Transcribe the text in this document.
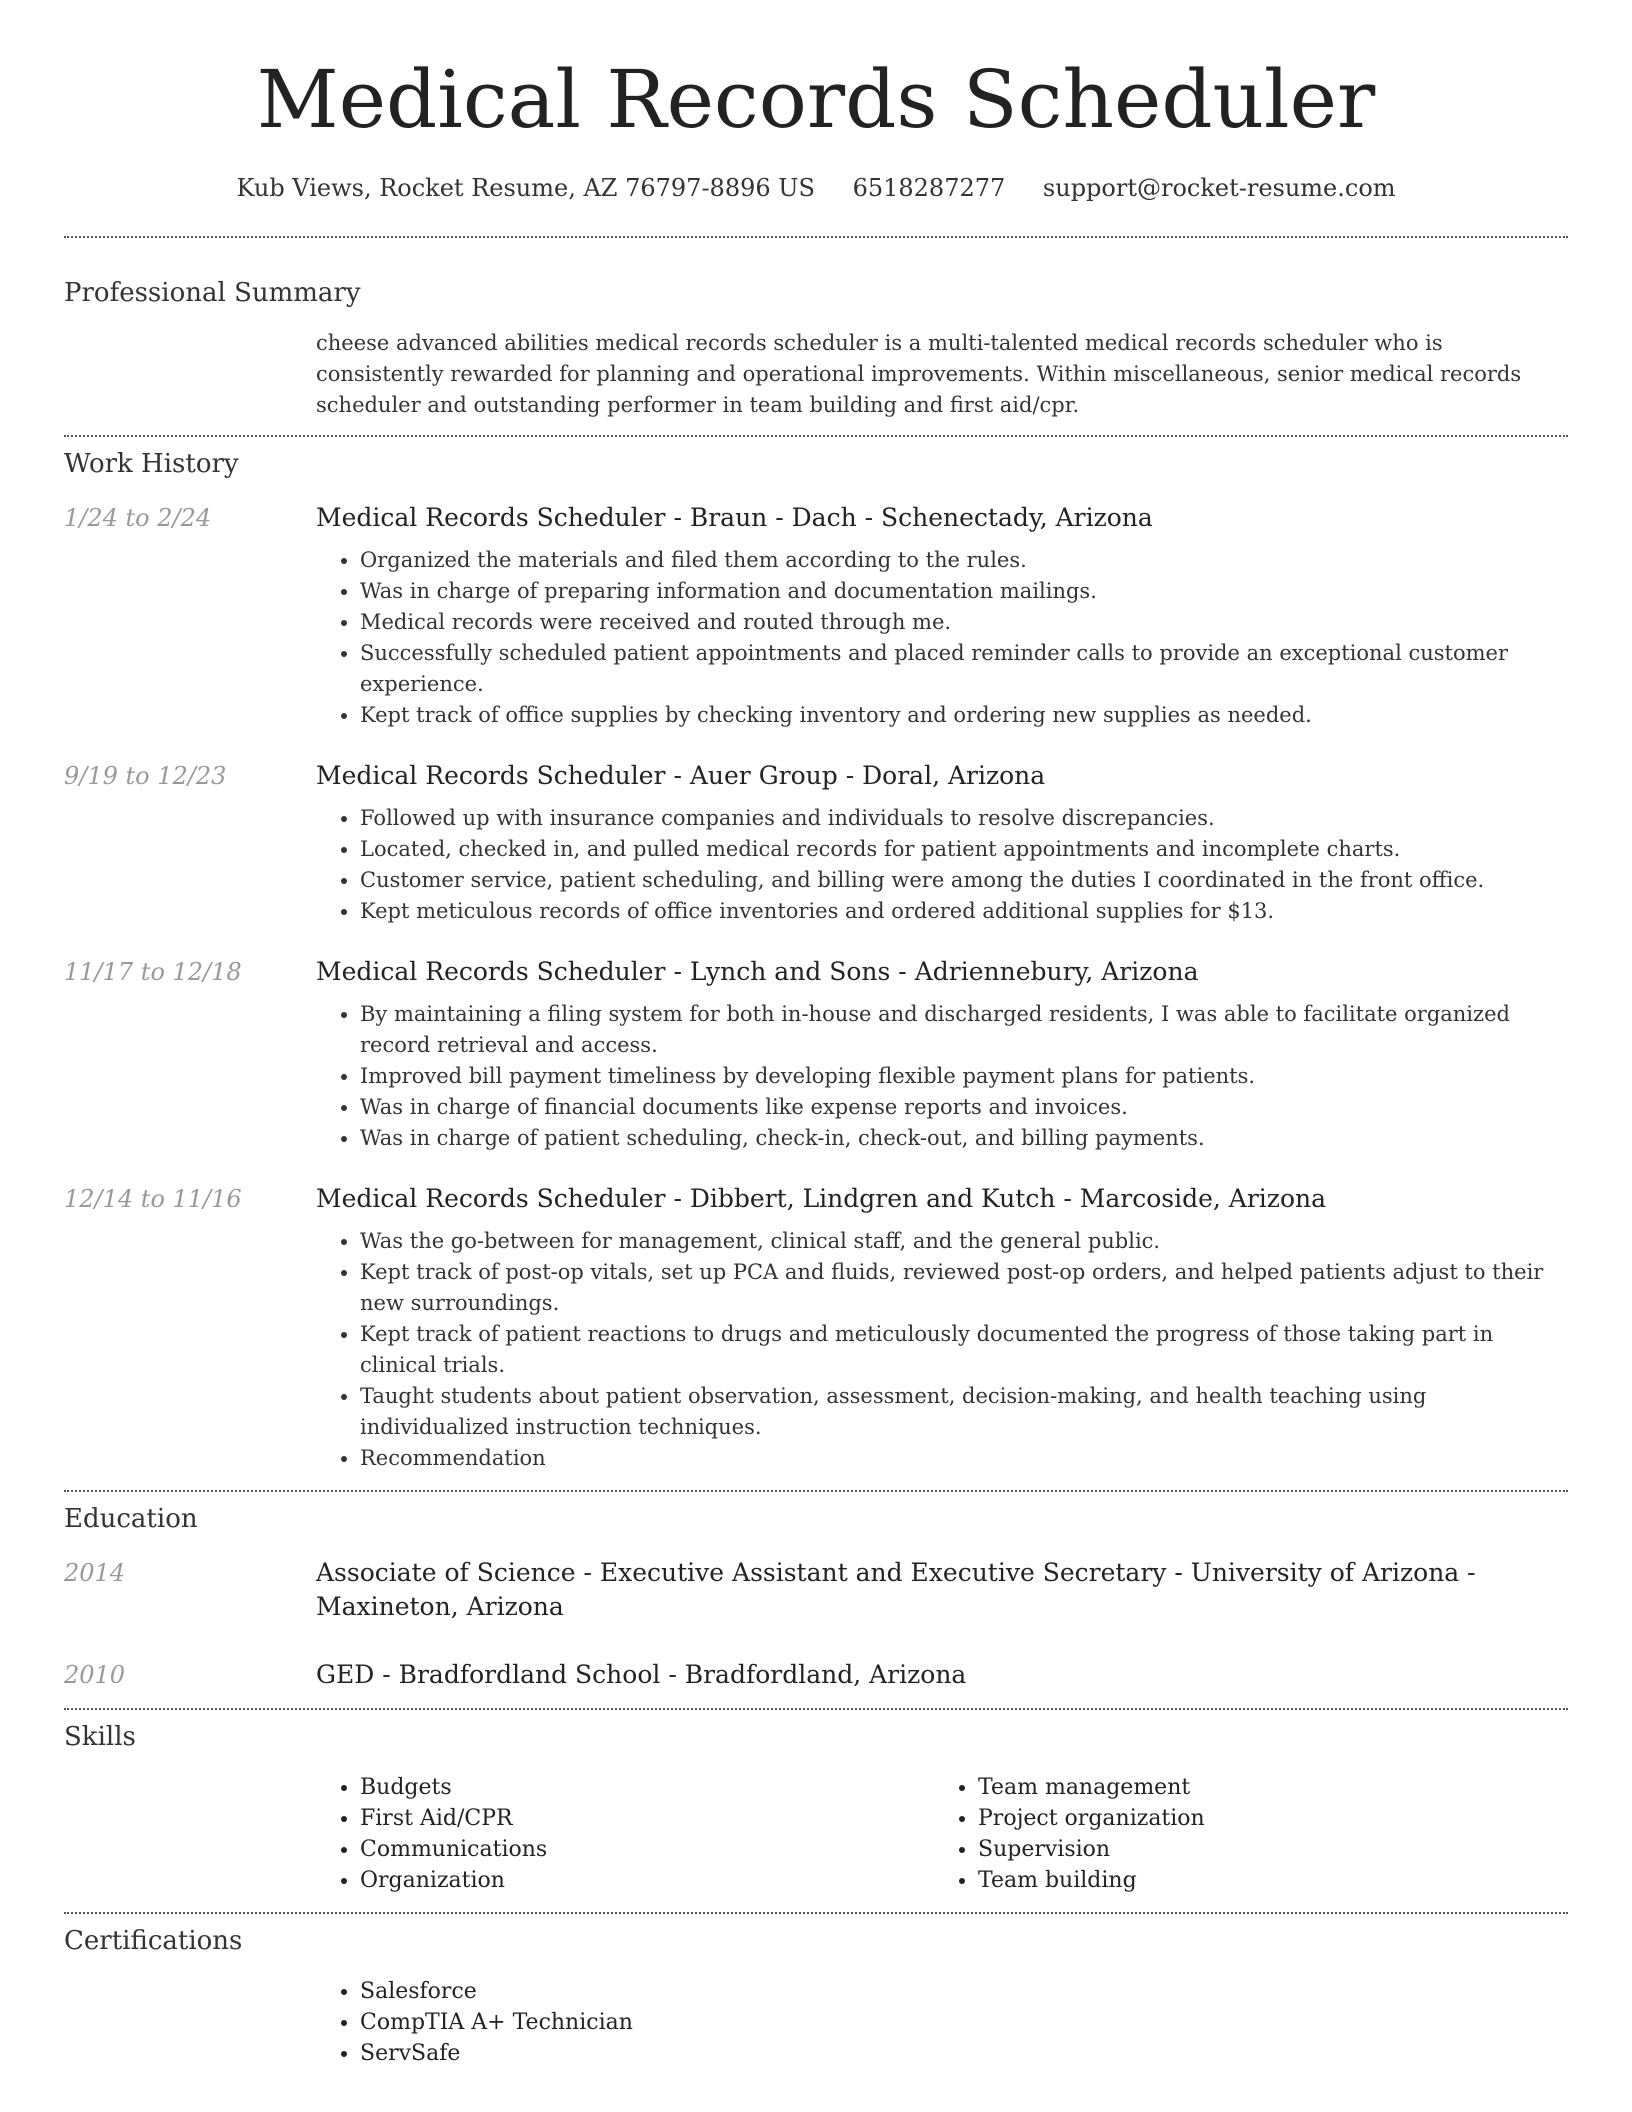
Medical Records Scheduler
Kub Views, Rocket Resume, AZ 76797-8896 US 6518287277 support@rocket-resume.com
Professional Summary
cheese advanced abilities medical records scheduler is a multi-talented medical records scheduler who is consistently rewarded for planning and operational improvements. Within miscellaneous, senior medical records scheduler and outstanding performer in team building and first aid/cpr.
Work History
1/24 to 2/24	Medical Records Scheduler - Braun - Dach - Schenectady, Arizona
• Organized the materials and filed them according to the rules.
• Was in charge of preparing information and documentation mailings.
• Medical records were received and routed through me.
• Successfully scheduled patient appointments and placed reminder calls to provide an exceptional customer experience.
• Kept track of office supplies by checking inventory and ordering new supplies as needed.
9/19 to 12/23	Medical Records Scheduler - Auer Group - Doral, Arizona
• Followed up with insurance companies and individuals to resolve discrepancies.
• Located, checked in, and pulled medical records for patient appointments and incomplete charts.
• Customer service, patient scheduling, and billing were among the duties I coordinated in the front office.
• Kept meticulous records of office inventories and ordered additional supplies for $13.
11/17 to 12/18	Medical Records Scheduler - Lynch and Sons - Adriennebury, Arizona
• By maintaining a filing system for both in-house and discharged residents, I was able to facilitate organized record retrieval and access.
• Improved bill payment timeliness by developing flexible payment plans for patients.
• Was in charge of financial documents like expense reports and invoices.
• Was in charge of patient scheduling, check-in, check-out, and billing payments.
12/14 to 11/16	Medical Records Scheduler - Dibbert, Lindgren and Kutch - Marcoside, Arizona
• Was the go-between for management, clinical staff, and the general public.
• Kept track of post-op vitals, set up PCA and fluids, reviewed post-op orders, and helped patients adjust to their new surroundings.
• Kept track of patient reactions to drugs and meticulously documented the progress of those taking part in clinical trials.
• Taught students about patient observation, assessment, decision-making, and health teaching using individualized instruction techniques.
• Recommendation
Education
2014	Associate of Science - Executive Assistant and Executive Secretary - University of Arizona - Maxineton, Arizona
2010	GED - Bradfordland School - Bradfordland, Arizona
Skills
• Budgets
• First Aid/CPR
• Communications
• Organization
• Team management
• Project organization
• Supervision
• Team building
Certifications
• Salesforce
• CompTIA A+ Technician
• ServSafe
